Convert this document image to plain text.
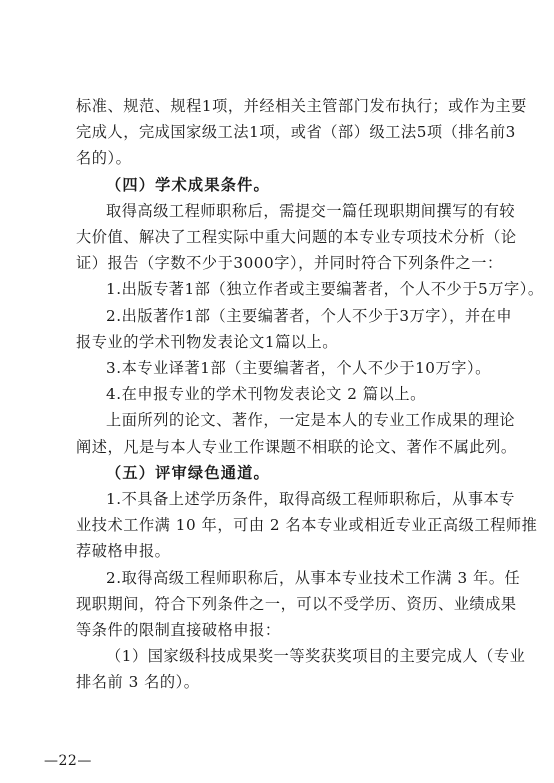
标准、规范、规程1项，并经相关主管部门发布执行；或作为主要
完成人，完成国家级工法1项，或省（部）级工法5项（排名前3
名的）。
（四）学术成果条件。
取得高级工程师职称后，需提交一篇任现职期间撰写的有较
大价值、解决了工程实际中重大问题的本专业专项技术分析（论
证）报告（字数不少于3000字），并同时符合下列条件之一：
1.出版专著1部（独立作者或主要编著者，个人不少于5万字）。
2.出版著作1部（主要编著者，个人不少于3万字），并在申
报专业的学术刊物发表论文1篇以上。
3.本专业译著1部（主要编著者，个人不少于10万字）。
4.在申报专业的学术刊物发表论文 2 篇以上。
上面所列的论文、著作，一定是本人的专业工作成果的理论
阐述，凡是与本人专业工作课题不相联的论文、著作不属此列。
（五）评审绿色通道。
1.不具备上述学历条件，取得高级工程师职称后，从事本专
业技术工作满 10 年，可由 2 名本专业或相近专业正高级工程师推
荐破格申报。
2.取得高级工程师职称后，从事本专业技术工作满 3 年。任
现职期间，符合下列条件之一，可以不受学历、资历、业绩成果
等条件的限制直接破格申报：
（1）国家级科技成果奖一等奖获奖项目的主要完成人（专业
排名前 3 名的）。
—22—
